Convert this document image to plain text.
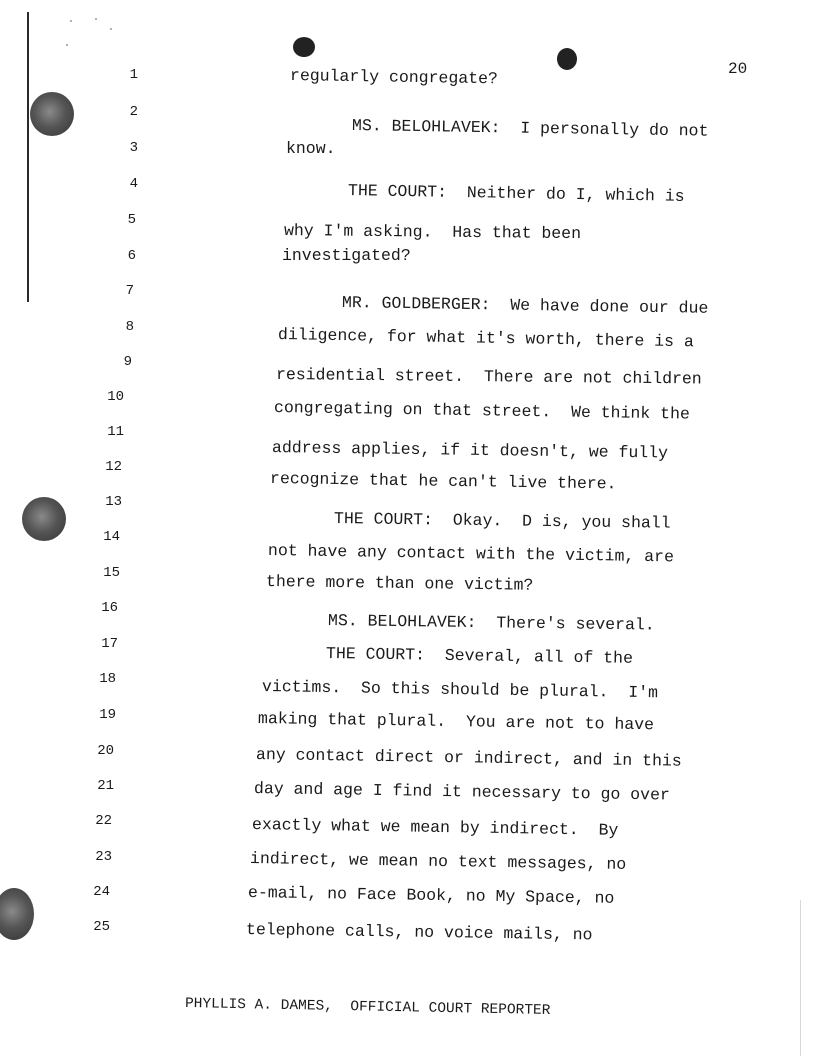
20
1
2
3
4
5
6
7
8
9
10
11
12
13
14
15
16
17
18
19
20
21
22
23
24
25
regularly congregate?
MS. BELOHLAVEK:  I personally do not
know.
THE COURT:  Neither do I, which is
why I'm asking.  Has that been
investigated?
MR. GOLDBERGER:  We have done our due
diligence, for what it's worth, there is a
residential street.  There are not children
congregating on that street.  We think the
address applies, if it doesn't, we fully
recognize that he can't live there.
THE COURT:  Okay.  D is, you shall
not have any contact with the victim, are
there more than one victim?
MS. BELOHLAVEK:  There's several.
THE COURT:  Several, all of the
victims.  So this should be plural.  I'm
making that plural.  You are not to have
any contact direct or indirect, and in this
day and age I find it necessary to go over
exactly what we mean by indirect.  By
indirect, we mean no text messages, no
e-mail, no Face Book, no My Space, no
telephone calls, no voice mails, no
PHYLLIS A. DAMES,  OFFICIAL COURT REPORTER
